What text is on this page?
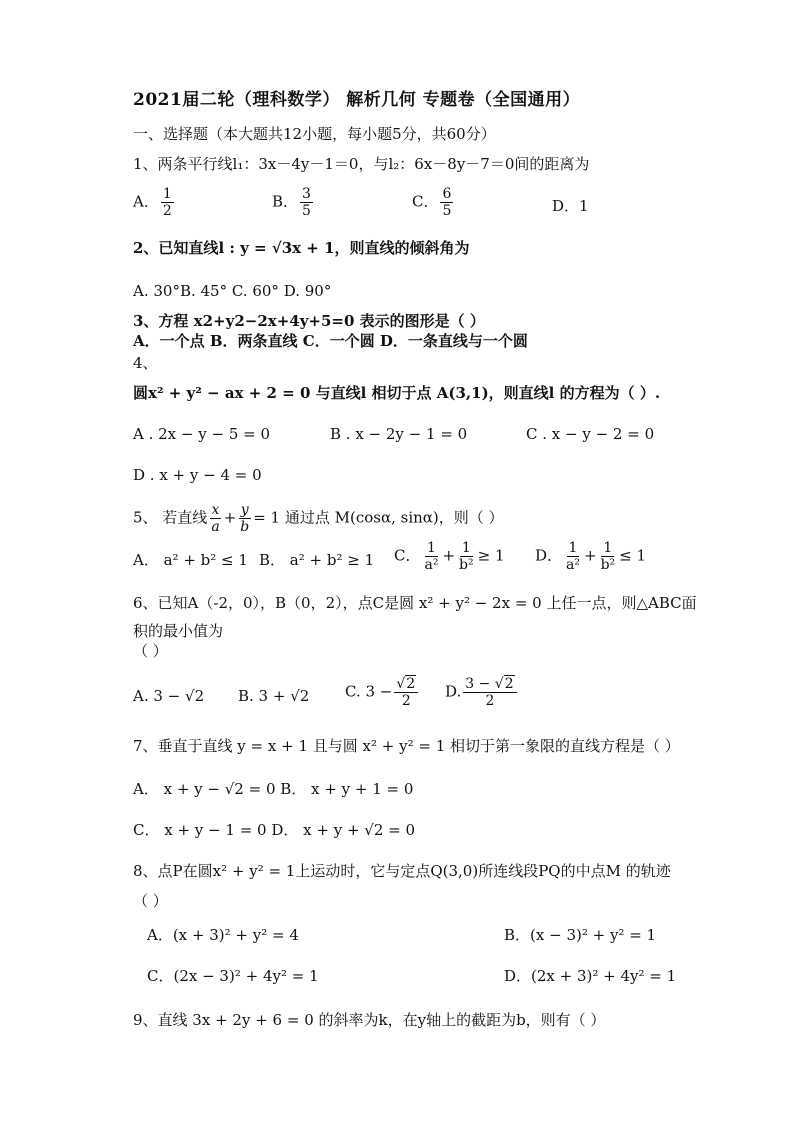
2021届二轮（理科数学） 解析几何 专题卷（全国通用）
一、选择题（本大题共12小题，每小题5分，共60分）
1、两条平行线l₁：3x－4y－1＝0，与l₂：6x－8y－7＝0间的距离为
A． $\frac{1}{2}$	B． $\frac{3}{5}$	C． $\frac{6}{5}$	D．1
2、已知直线l : y = √3x + 1，则直线的倾斜角为
A. 30°B. 45° C. 60° D. 90°
3、方程 x2+y2−2x+4y+5=0 表示的图形是（ ）
A．一个点 B．两条直线 C．一个圆 D．一条直线与一个圆
4、
圆x² + y² − ax + 2 = 0 与直线l 相切于点 A(3,1)，则直线l 的方程为（ ）.
A . 2x − y − 5 = 0	B . x − 2y − 1 = 0	C . x − y − 2 = 0
D . x + y − 4 = 0
5、 若直线 $\frac{x}{a} + \frac{y}{b} = 1$ 通过点 M(cosα, sinα)，则（ ）
A． a² + b² ≤ 1 B． a² + b² ≥ 1 C． $\frac{1}{\text{a²}} + \frac{1}{\text{b²}} \ge 1$ D． $\frac{1}{\text{a²}} + \frac{1}{\text{b²}} \le 1$
6、已知A（-2，0），B（0，2），点C是圆 x² + y² − 2x = 0 上任一点，则△ABC面
积的最小值为
（ ）
A. 3 − √2 B. 3 + √2 C. $3 - \frac{√2}{2} D$. $\frac{3 - √2}{2}$
7、垂直于直线 y = x + 1 且与圆 x² + y² = 1 相切于第一象限的直线方程是（ ）
A． x + y − √2 = 0 B． x + y + 1 = 0
C． x + y − 1 = 0 D． x + y + √2 = 0
8、点P在圆x² + y² = 1上运动时，它与定点Q(3,0)所连线段PQ的中点M 的轨迹
（ ）
A．(x + 3)² + y² = 4	B．(x − 3)² + y² = 1
C．(2x − 3)² + 4y² = 1	D．(2x + 3)² + 4y² = 1
9、直线 3x + 2y + 6 = 0 的斜率为k，在y轴上的截距为b，则有（ ）
